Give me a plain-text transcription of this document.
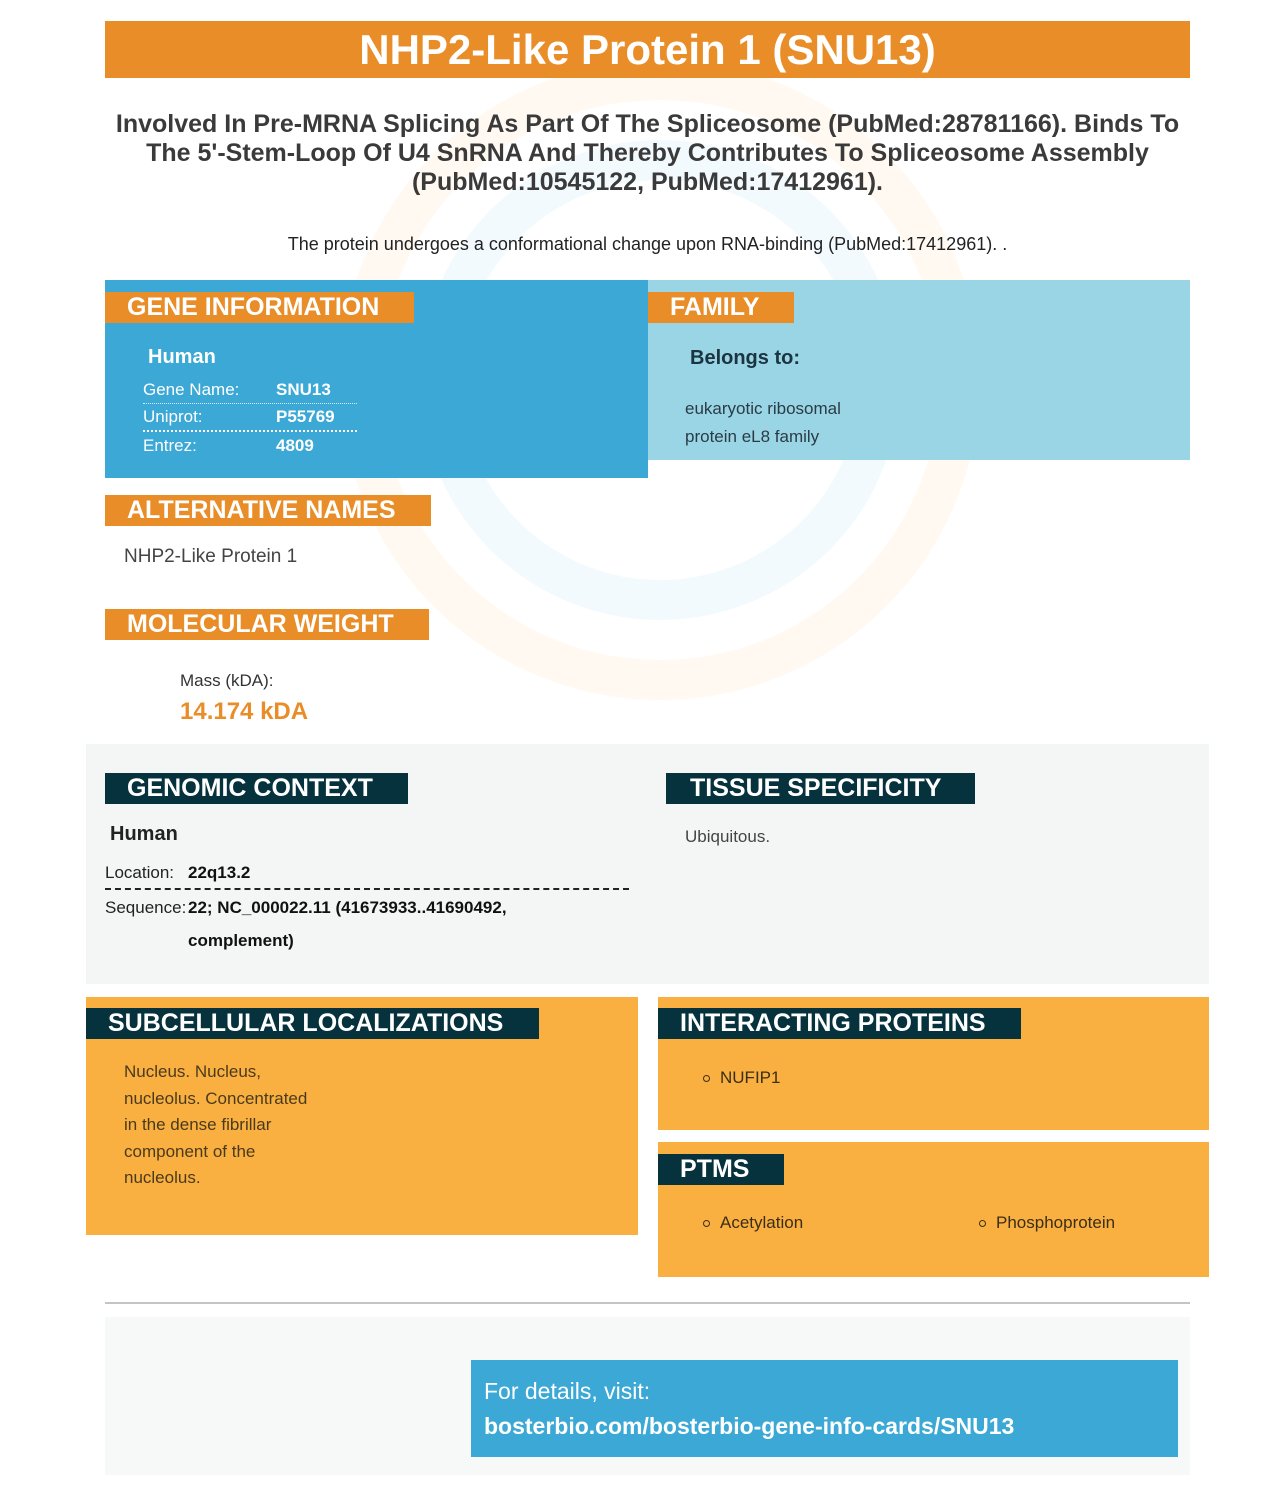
NHP2-Like Protein 1 (SNU13)
Involved In Pre-MRNA Splicing As Part Of The Spliceosome (PubMed:28781166). Binds To The 5'-Stem-Loop Of U4 SnRNA And Thereby Contributes To Spliceosome Assembly (PubMed:10545122, PubMed:17412961).
The protein undergoes a conformational change upon RNA-binding (PubMed:17412961). .
GENE INFORMATION	FAMILY
Human
Gene Name:	SNU13
Uniprot:	P55769
Entrez:	4809
Belongs to:
eukaryotic ribosomal protein eL8 family
ALTERNATIVE NAMES
NHP2-Like Protein 1
MOLECULAR WEIGHT
Mass (kDA):
14.174 kDA
GENOMIC CONTEXT	TISSUE SPECIFICITY
Human
Location: 22q13.2
Sequence: 22; NC_000022.11 (41673933..41690492,
complement)
Ubiquitous.
SUBCELLULAR LOCALIZATIONS	INTERACTING PROTEINS
PTMS
Nucleus. Nucleus, nucleolus. Concentrated in the dense fibrillar component of the nucleolus.
NUFIP1
Acetylation	Phosphoprotein
For details, visit:
bosterbio.com/bosterbio-gene-info-cards/SNU13
